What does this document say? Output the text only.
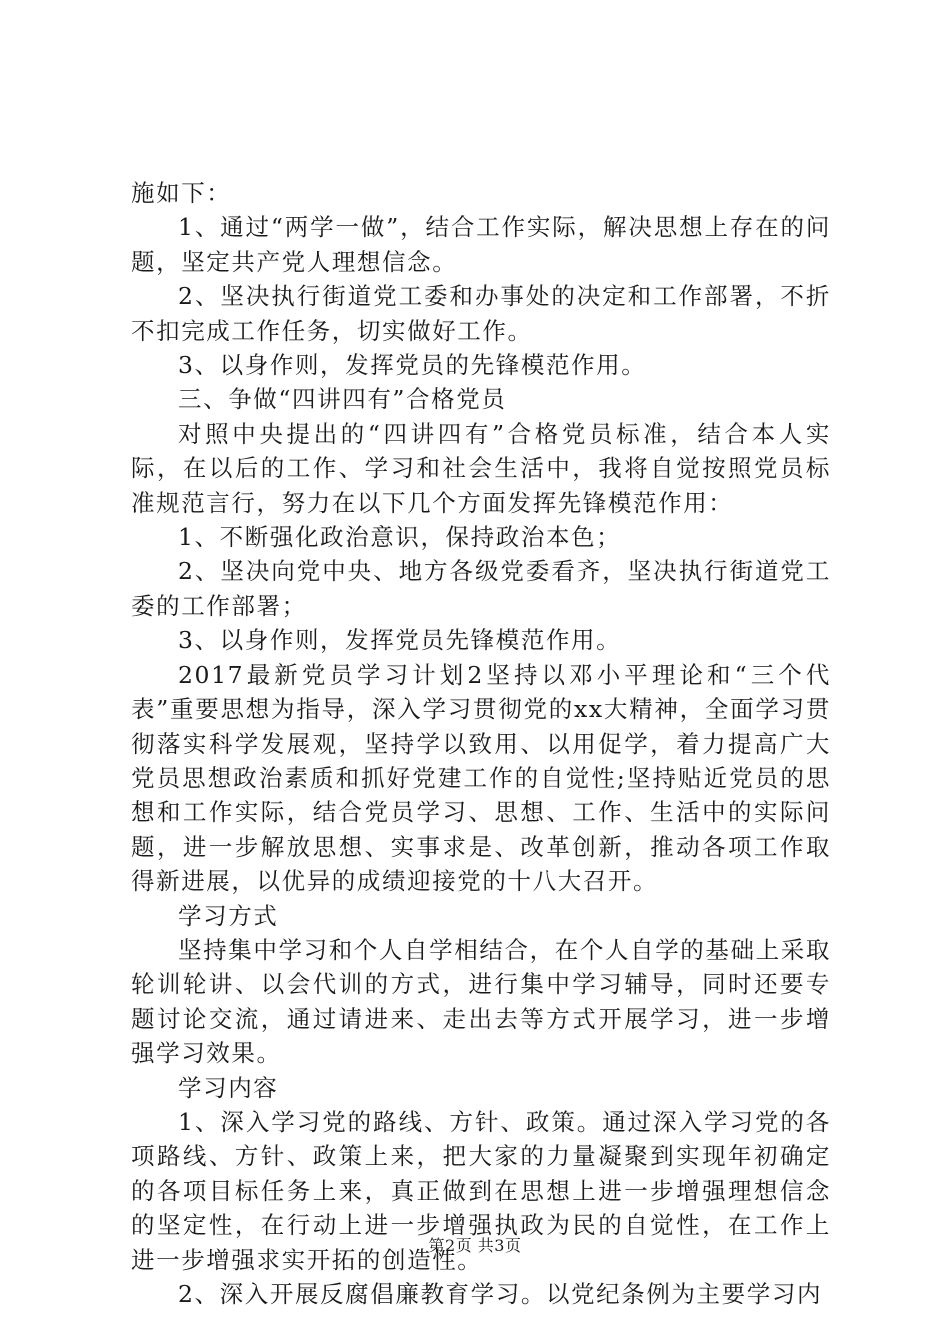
施如下：

1、通过“两学一做”，结合工作实际，解决思想上存在的问题，坚定共产党人理想信念。

2、坚决执行街道党工委和办事处的决定和工作部署，不折不扣完成工作任务，切实做好工作。

3、以身作则，发挥党员的先锋模范作用。

三、争做“四讲四有”合格党员

对照中央提出的“四讲四有”合格党员标准，结合本人实际，在以后的工作、学习和社会生活中，我将自觉按照党员标准规范言行，努力在以下几个方面发挥先锋模范作用：

1、不断强化政治意识，保持政治本色；

2、坚决向党中央、地方各级党委看齐，坚决执行街道党工委的工作部署；

3、以身作则，发挥党员先锋模范作用。

2017最新党员学习计划2坚持以邓小平理论和“三个代表”重要思想为指导，深入学习贯彻党的xx大精神，全面学习贯彻落实科学发展观，坚持学以致用、以用促学，着力提高广大党员思想政治素质和抓好党建工作的自觉性;坚持贴近党员的思想和工作实际，结合党员学习、思想、工作、生活中的实际问题，进一步解放思想、实事求是、改革创新，推动各项工作取得新进展，以优异的成绩迎接党的十八大召开。

学习方式

坚持集中学习和个人自学相结合，在个人自学的基础上采取轮训轮讲、以会代训的方式，进行集中学习辅导，同时还要专题讨论交流，通过请进来、走出去等方式开展学习，进一步增强学习效果。

学习内容

1、深入学习党的路线、方针、政策。通过深入学习党的各项路线、方针、政策上来，把大家的力量凝聚到实现年初确定的各项目标任务上来，真正做到在思想上进一步增强理想信念的坚定性，在行动上进一步增强执政为民的自觉性，在工作上进一步增强求实开拓的创造性。

2、深入开展反腐倡廉教育学习。以党纪条例为主要学习内

第2页 共3页
